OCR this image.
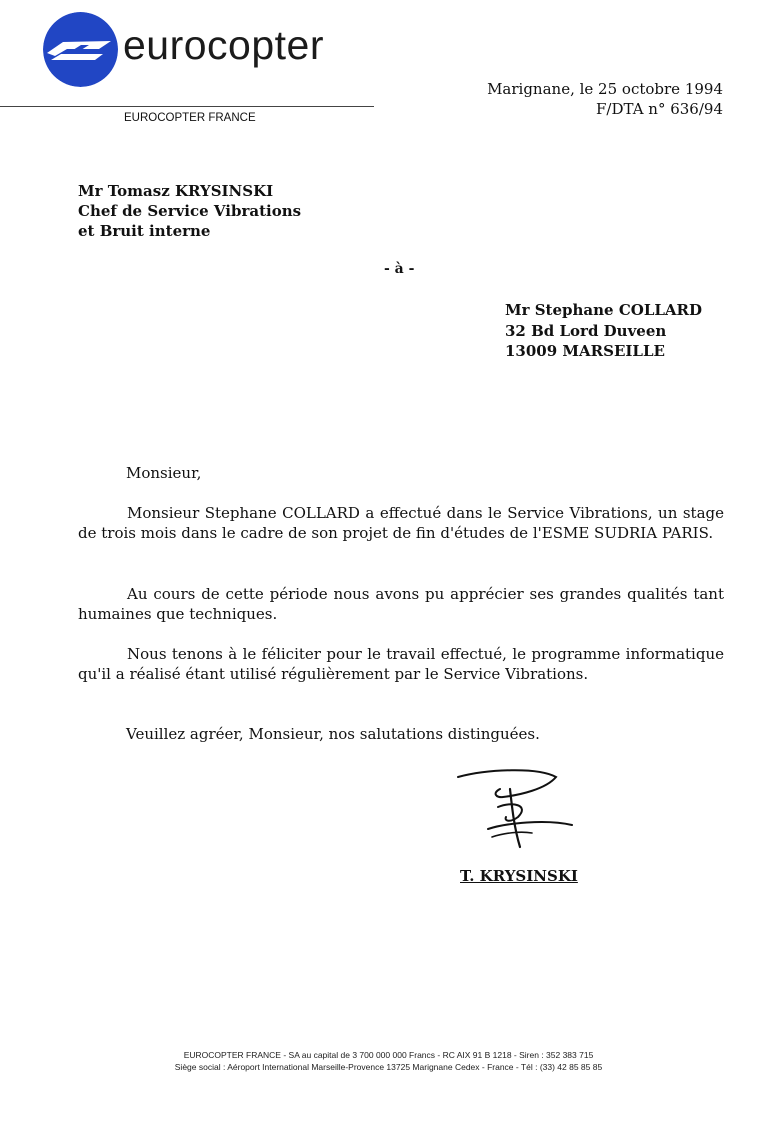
eurocopter
EUROCOPTER FRANCE
Marignane, le 25 octobre 1994
F/DTA n° 636/94
Mr Tomasz KRYSINSKI
Chef de Service Vibrations
et Bruit interne
- à -
Mr Stephane COLLARD
32 Bd Lord Duveen
13009 MARSEILLE
Monsieur,
Monsieur Stephane COLLARD a effectué dans le Service Vibrations, un stage de trois mois dans le cadre de son projet de fin d'études de l'ESME SUDRIA PARIS.
Au cours de cette période nous avons pu apprécier ses grandes qualités tant humaines que techniques.
Nous tenons à le féliciter pour le travail effectué, le programme informatique qu'il a réalisé étant utilisé régulièrement par le Service Vibrations.
Veuillez agréer, Monsieur, nos salutations distinguées.
T. KRYSINSKI
EUROCOPTER FRANCE - SA au capital de 3 700 000 000 Francs - RC AIX 91 B 1218 - Siren : 352 383 715
Siège social : Aéroport International Marseille-Provence 13725 Marignane Cedex - France - Tél : (33) 42 85 85 85
